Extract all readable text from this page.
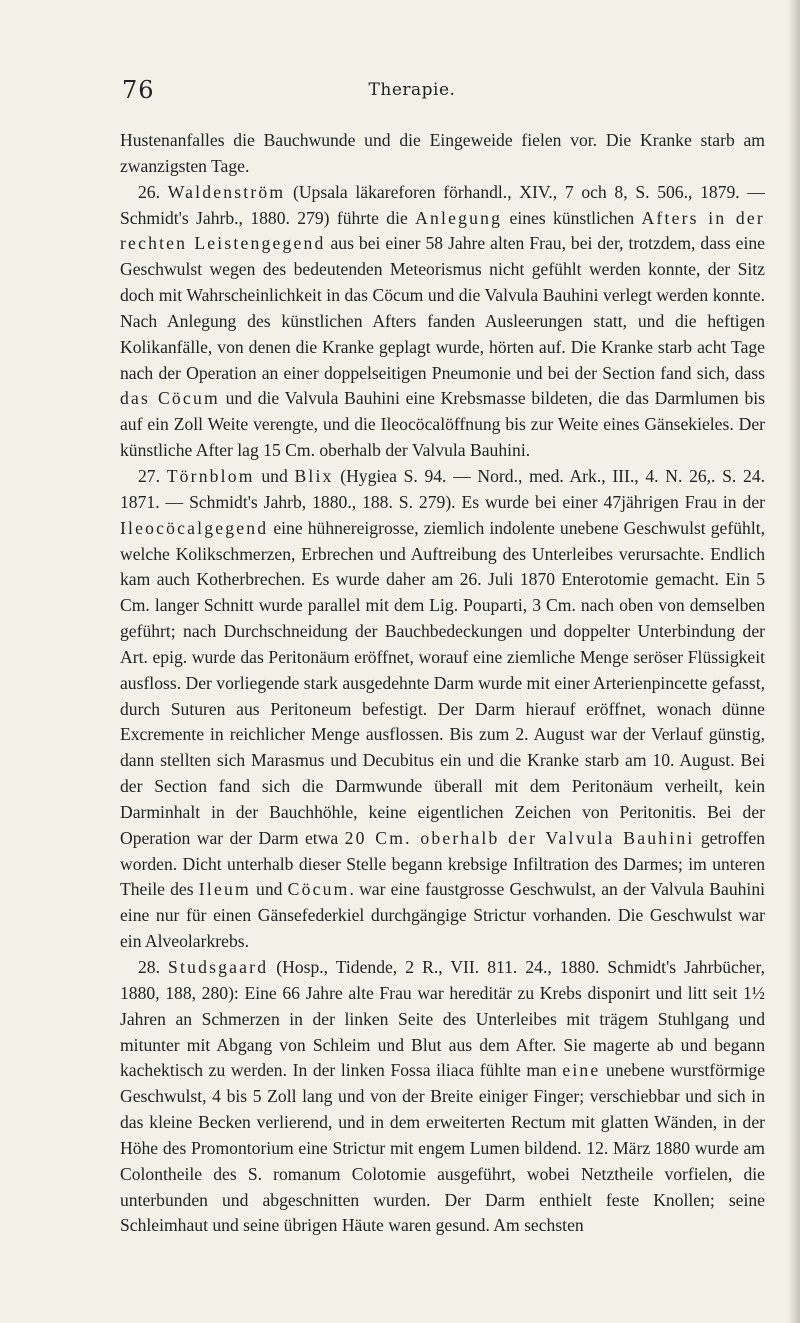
76	Therapie.

Hustenanfalles die Bauchwunde und die Eingeweide fielen vor. Die Kranke starb am zwanzigsten Tage.

26. Waldenström (Upsala läkareforen förhandl., XIV., 7 och 8, S. 506., 1879. — Schmidt's Jahrb., 1880. 279) führte die Anlegung eines künstlichen Afters in der rechten Leistengegend aus bei einer 58 Jahre alten Frau, bei der, trotzdem, dass eine Geschwulst wegen des bedeutenden Meteorismus nicht gefühlt werden konnte, der Sitz doch mit Wahrscheinlichkeit in das Cöcum und die Valvula Bauhini verlegt werden konnte. Nach Anlegung des künstlichen Afters fanden Ausleerungen statt, und die heftigen Kolikanfälle, von denen die Kranke geplagt wurde, hörten auf. Die Kranke starb acht Tage nach der Operation an einer doppelseitigen Pneumonie und bei der Section fand sich, dass das Cöcum und die Valvula Bauhini eine Krebsmasse bildeten, die das Darmlumen bis auf ein Zoll Weite verengte, und die Ileocöcalöffnung bis zur Weite eines Gänsekieles. Der künstliche After lag 15 Cm. oberhalb der Valvula Bauhini.

27. Törnblom und Blix (Hygiea S. 94. — Nord., med. Ark., III., 4. N. 26,. S. 24. 1871. — Schmidt's Jahrb, 1880., 188. S. 279). Es wurde bei einer 47jährigen Frau in der Ileocöcalgegend eine hühnereigrosse, ziemlich indolente unebene Geschwulst gefühlt, welche Kolikschmerzen, Erbrechen und Auftreibung des Unterleibes verursachte. Endlich kam auch Kotherbrechen. Es wurde daher am 26. Juli 1870 Enterotomie gemacht. Ein 5 Cm. langer Schnitt wurde parallel mit dem Lig. Pouparti, 3 Cm. nach oben von demselben geführt; nach Durchschneidung der Bauchbedeckungen und doppelter Unterbindung der Art. epig. wurde das Peritonäum eröffnet, worauf eine ziemliche Menge seröser Flüssigkeit ausfloss. Der vorliegende stark ausgedehnte Darm wurde mit einer Arterienpincette gefasst, durch Suturen aus Peritoneum befestigt. Der Darm hierauf eröffnet, wonach dünne Excremente in reichlicher Menge ausflossen. Bis zum 2. August war der Verlauf günstig, dann stellten sich Marasmus und Decubitus ein und die Kranke starb am 10. August. Bei der Section fand sich die Darmwunde überall mit dem Peritonäum verheilt, kein Darminhalt in der Bauchhöhle, keine eigentlichen Zeichen von Peritonitis. Bei der Operation war der Darm etwa 20 Cm. oberhalb der Valvula Bauhini getroffen worden. Dicht unterhalb dieser Stelle begann krebsige Infiltration des Darmes; im unteren Theile des Ileum und Cöcum. war eine faustgrosse Geschwulst, an der Valvula Bauhini eine nur für einen Gänsefederkiel durchgängige Strictur vorhanden. Die Geschwulst war ein Alveolarkrebs.

28. Studsgaard (Hosp., Tidende, 2 R., VII. 811. 24., 1880. Schmidt's Jahrbücher, 1880, 188, 280): Eine 66 Jahre alte Frau war hereditär zu Krebs disponirt und litt seit 1½ Jahren an Schmerzen in der linken Seite des Unterleibes mit trägem Stuhlgang und mitunter mit Abgang von Schleim und Blut aus dem After. Sie magerte ab und begann kachektisch zu werden. In der linken Fossa iliaca fühlte man eine unebene wurstförmige Geschwulst, 4 bis 5 Zoll lang und von der Breite einiger Finger; verschiebbar und sich in das kleine Becken verlierend, und in dem erweiterten Rectum mit glatten Wänden, in der Höhe des Promontorium eine Strictur mit engem Lumen bildend. 12. März 1880 wurde am Colontheile des S. romanum Colotomie ausgeführt, wobei Netztheile vorfielen, die unterbunden und abgeschnitten wurden. Der Darm enthielt feste Knollen; seine Schleimhaut und seine übrigen Häute waren gesund. Am sechsten
